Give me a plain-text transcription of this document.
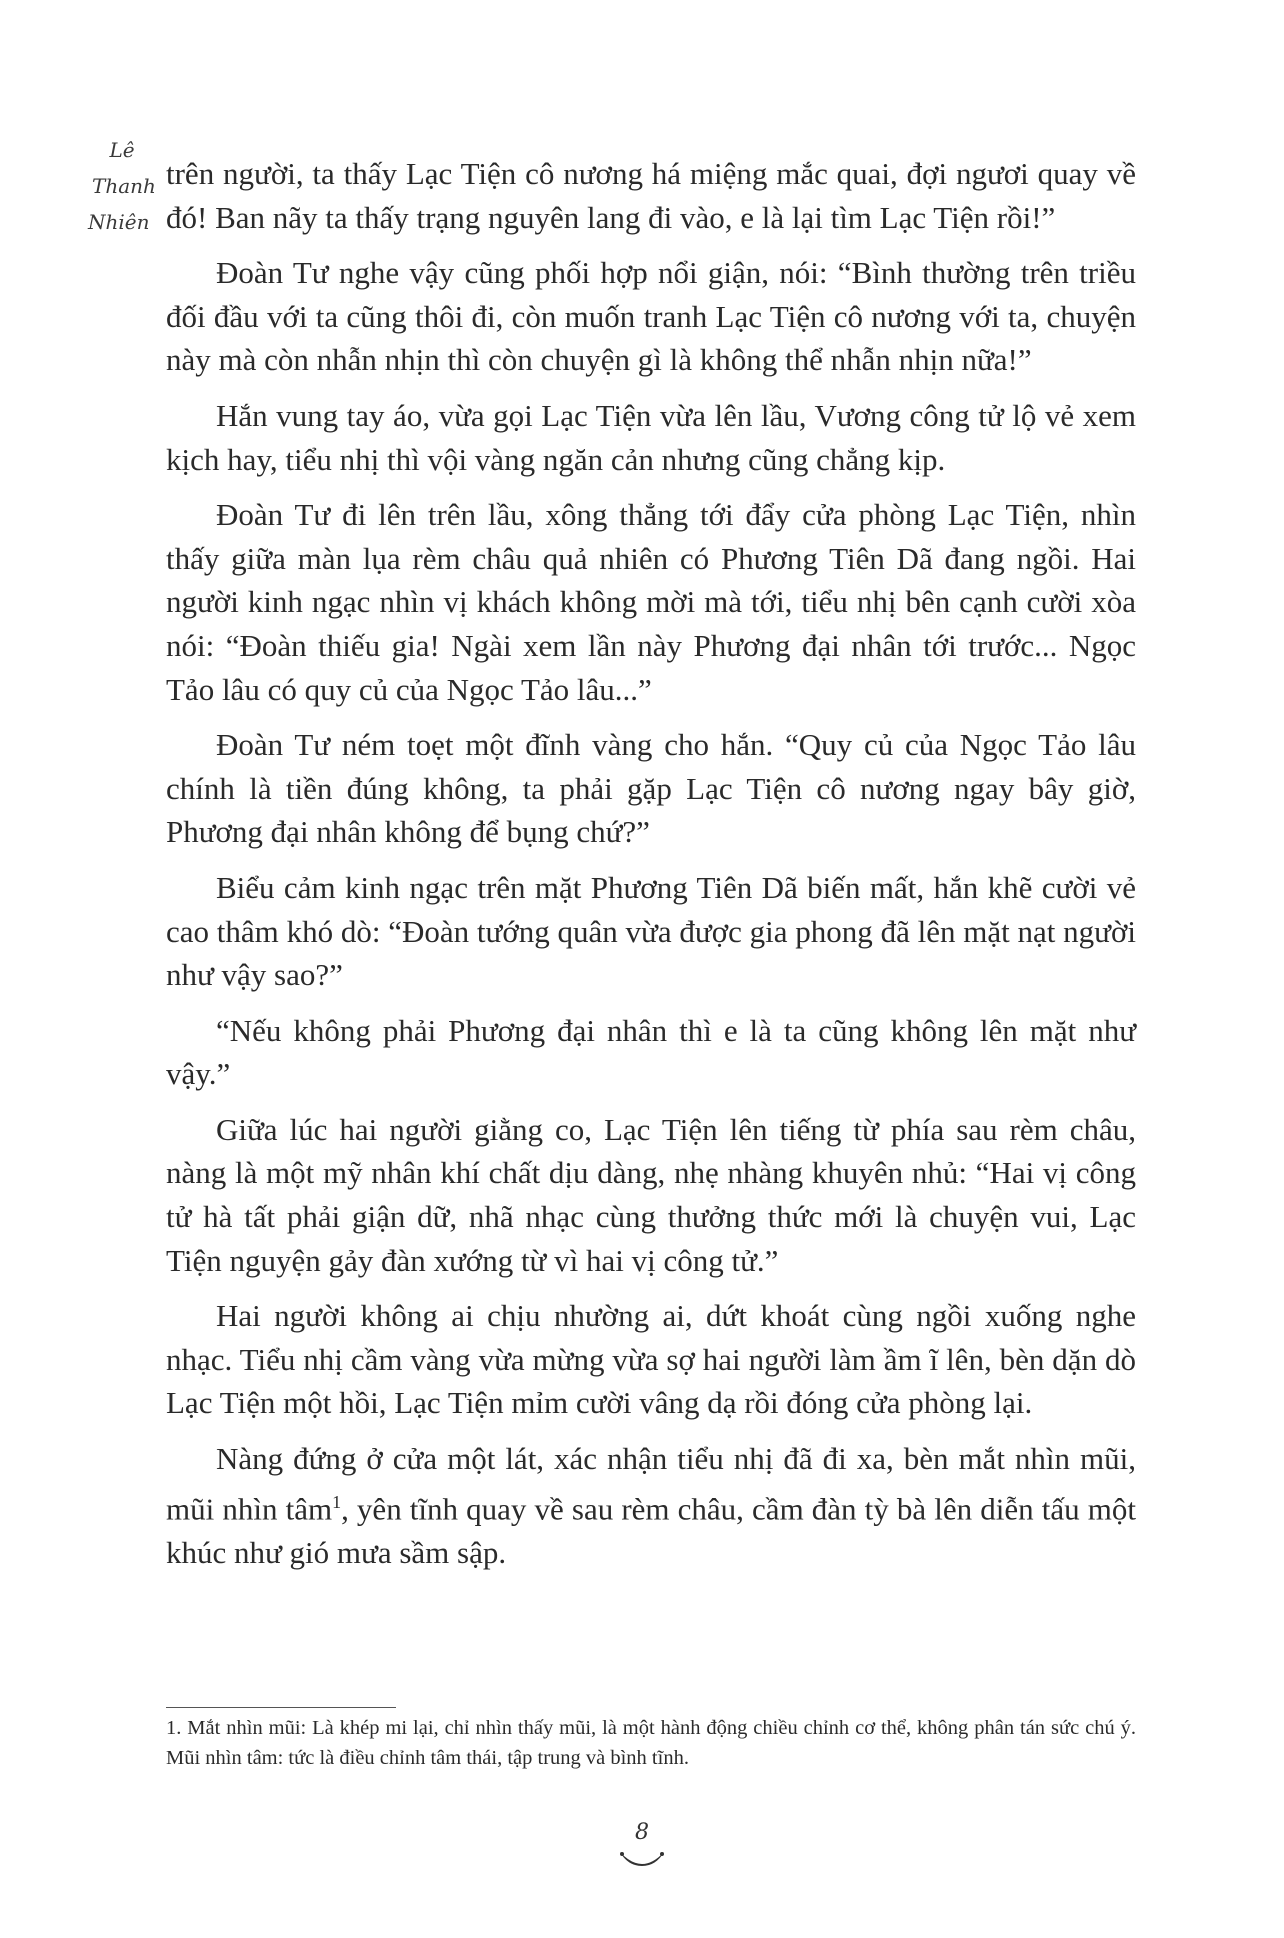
Lê
Thanh
Nhiên

trên người, ta thấy Lạc Tiện cô nương há miệng mắc quai, đợi ngươi quay về đó! Ban nãy ta thấy trạng nguyên lang đi vào, e là lại tìm Lạc Tiện rồi!”

Đoàn Tư nghe vậy cũng phối hợp nổi giận, nói: “Bình thường trên triều đối đầu với ta cũng thôi đi, còn muốn tranh Lạc Tiện cô nương với ta, chuyện này mà còn nhẫn nhịn thì còn chuyện gì là không thể nhẫn nhịn nữa!”

Hắn vung tay áo, vừa gọi Lạc Tiện vừa lên lầu, Vương công tử lộ vẻ xem kịch hay, tiểu nhị thì vội vàng ngăn cản nhưng cũng chẳng kịp.

Đoàn Tư đi lên trên lầu, xông thẳng tới đẩy cửa phòng Lạc Tiện, nhìn thấy giữa màn lụa rèm châu quả nhiên có Phương Tiên Dã đang ngồi. Hai người kinh ngạc nhìn vị khách không mời mà tới, tiểu nhị bên cạnh cười xòa nói: “Đoàn thiếu gia! Ngài xem lần này Phương đại nhân tới trước... Ngọc Tảo lâu có quy củ của Ngọc Tảo lâu...”

Đoàn Tư ném toẹt một đĩnh vàng cho hắn. “Quy củ của Ngọc Tảo lâu chính là tiền đúng không, ta phải gặp Lạc Tiện cô nương ngay bây giờ, Phương đại nhân không để bụng chứ?”

Biểu cảm kinh ngạc trên mặt Phương Tiên Dã biến mất, hắn khẽ cười vẻ cao thâm khó dò: “Đoàn tướng quân vừa được gia phong đã lên mặt nạt người như vậy sao?”

“Nếu không phải Phương đại nhân thì e là ta cũng không lên mặt như vậy.”

Giữa lúc hai người giằng co, Lạc Tiện lên tiếng từ phía sau rèm châu, nàng là một mỹ nhân khí chất dịu dàng, nhẹ nhàng khuyên nhủ: “Hai vị công tử hà tất phải giận dữ, nhã nhạc cùng thưởng thức mới là chuyện vui, Lạc Tiện nguyện gảy đàn xướng từ vì hai vị công tử.”

Hai người không ai chịu nhường ai, dứt khoát cùng ngồi xuống nghe nhạc. Tiểu nhị cầm vàng vừa mừng vừa sợ hai người làm ầm ĩ lên, bèn dặn dò Lạc Tiện một hồi, Lạc Tiện mỉm cười vâng dạ rồi đóng cửa phòng lại.

Nàng đứng ở cửa một lát, xác nhận tiểu nhị đã đi xa, bèn mắt nhìn mũi, mũi nhìn tâm$^1$, yên tĩnh quay về sau rèm châu, cầm đàn tỳ bà lên diễn tấu một khúc như gió mưa sầm sập.

1. Mắt nhìn mũi: Là khép mi lại, chỉ nhìn thấy mũi, là một hành động chiều chỉnh cơ thể, không phân tán sức chú ý. Mũi nhìn tâm: tức là điều chỉnh tâm thái, tập trung và bình tĩnh.

8
